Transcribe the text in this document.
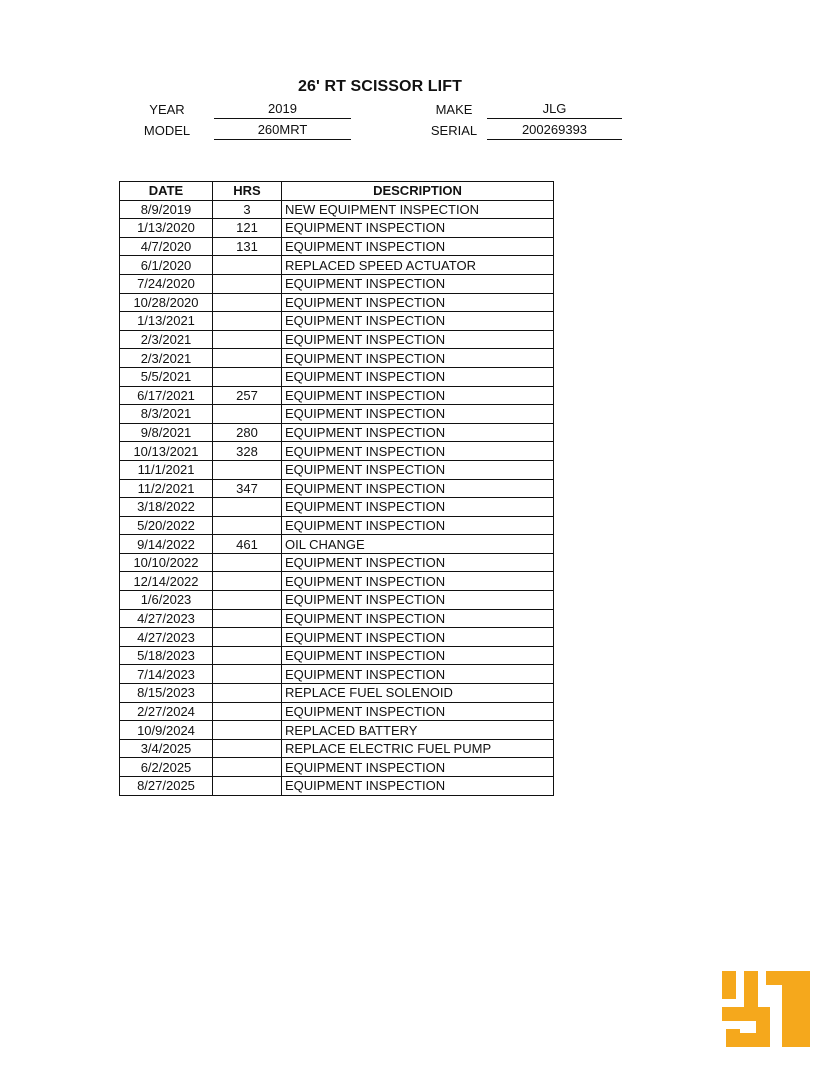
26' RT SCISSOR LIFT
YEAR	2019	MAKE	JLG
MODEL	260MRT	SERIAL	200269393
DATE	HRS	DESCRIPTION
8/9/2019	3	NEW EQUIPMENT INSPECTION
1/13/2020	121	EQUIPMENT INSPECTION
4/7/2020	131	EQUIPMENT INSPECTION
6/1/2020		REPLACED SPEED ACTUATOR
7/24/2020		EQUIPMENT INSPECTION
10/28/2020		EQUIPMENT INSPECTION
1/13/2021		EQUIPMENT INSPECTION
2/3/2021		EQUIPMENT INSPECTION
2/3/2021		EQUIPMENT INSPECTION
5/5/2021		EQUIPMENT INSPECTION
6/17/2021	257	EQUIPMENT INSPECTION
8/3/2021		EQUIPMENT INSPECTION
9/8/2021	280	EQUIPMENT INSPECTION
10/13/2021	328	EQUIPMENT INSPECTION
11/1/2021		EQUIPMENT INSPECTION
11/2/2021	347	EQUIPMENT INSPECTION
3/18/2022		EQUIPMENT INSPECTION
5/20/2022		EQUIPMENT INSPECTION
9/14/2022	461	OIL CHANGE
10/10/2022		EQUIPMENT INSPECTION
12/14/2022		EQUIPMENT INSPECTION
1/6/2023		EQUIPMENT INSPECTION
4/27/2023		EQUIPMENT INSPECTION
4/27/2023		EQUIPMENT INSPECTION
5/18/2023		EQUIPMENT INSPECTION
7/14/2023		EQUIPMENT INSPECTION
8/15/2023		REPLACE FUEL SOLENOID
2/27/2024		EQUIPMENT INSPECTION
10/9/2024		REPLACED BATTERY
3/4/2025		REPLACE ELECTRIC FUEL PUMP
6/2/2025		EQUIPMENT INSPECTION
8/27/2025		EQUIPMENT INSPECTION
